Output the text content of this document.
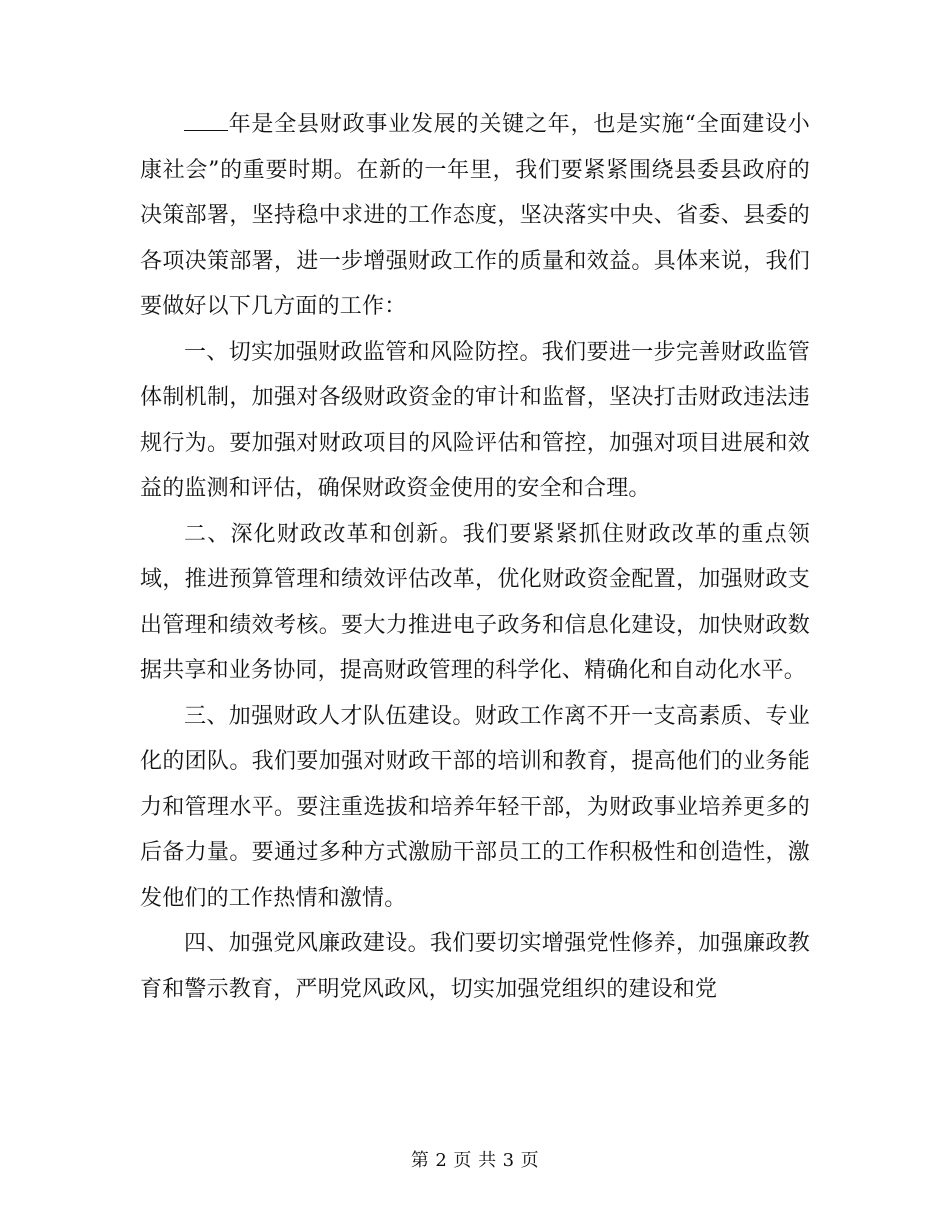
年是全县财政事业发展的关键之年，也是实施“全面建设小康社会”的重要时期。在新的一年里，我们要紧紧围绕县委县政府的决策部署，坚持稳中求进的工作态度，坚决落实中央、省委、县委的各项决策部署，进一步增强财政工作的质量和效益。具体来说，我们要做好以下几方面的工作：

一、切实加强财政监管和风险防控。我们要进一步完善财政监管体制机制，加强对各级财政资金的审计和监督，坚决打击财政违法违规行为。要加强对财政项目的风险评估和管控，加强对项目进展和效益的监测和评估，确保财政资金使用的安全和合理。

二、深化财政改革和创新。我们要紧紧抓住财政改革的重点领域，推进预算管理和绩效评估改革，优化财政资金配置，加强财政支出管理和绩效考核。要大力推进电子政务和信息化建设，加快财政数据共享和业务协同，提高财政管理的科学化、精确化和自动化水平。

三、加强财政人才队伍建设。财政工作离不开一支高素质、专业化的团队。我们要加强对财政干部的培训和教育，提高他们的业务能力和管理水平。要注重选拔和培养年轻干部，为财政事业培养更多的后备力量。要通过多种方式激励干部员工的工作积极性和创造性，激发他们的工作热情和激情。

四、加强党风廉政建设。我们要切实增强党性修养，加强廉政教育和警示教育，严明党风政风，切实加强党组织的建设和党

第 2 页 共 3 页
